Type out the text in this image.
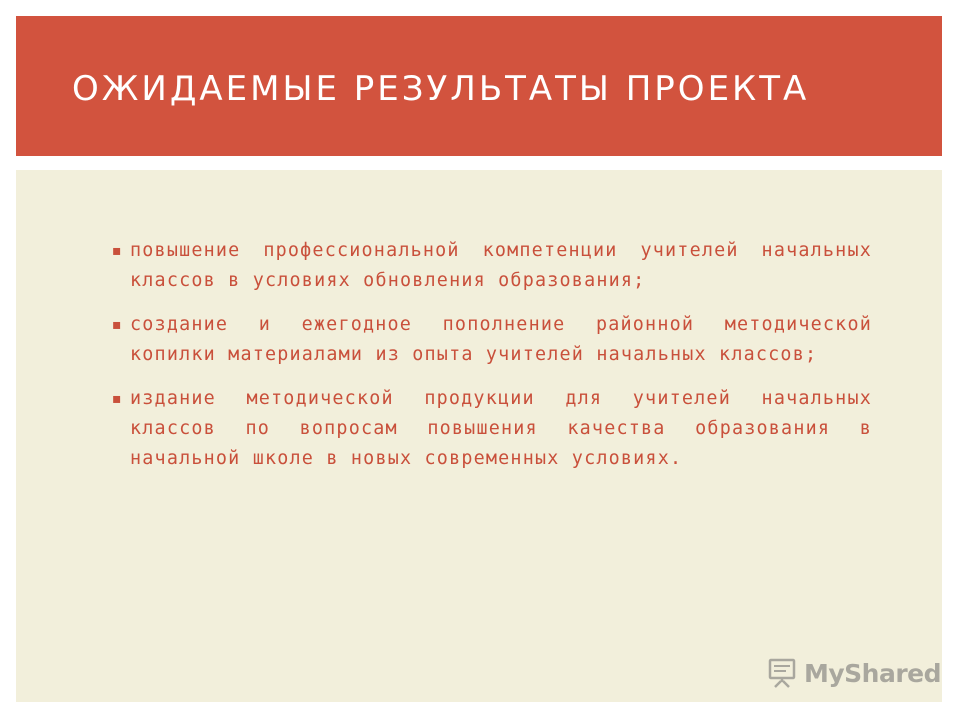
ОЖИДАЕМЫЕ РЕЗУЛЬТАТЫ ПРОЕКТА
▪ повышение профессиональной компетенции учителей начальных классов в условиях обновления образования;
▪ создание и ежегодное пополнение районной методической копилки материалами из опыта учителей начальных классов;
▪ издание методической продукции для учителей начальных классов по вопросам повышения качества образования в начальной школе в новых современных условиях.
MyShared
